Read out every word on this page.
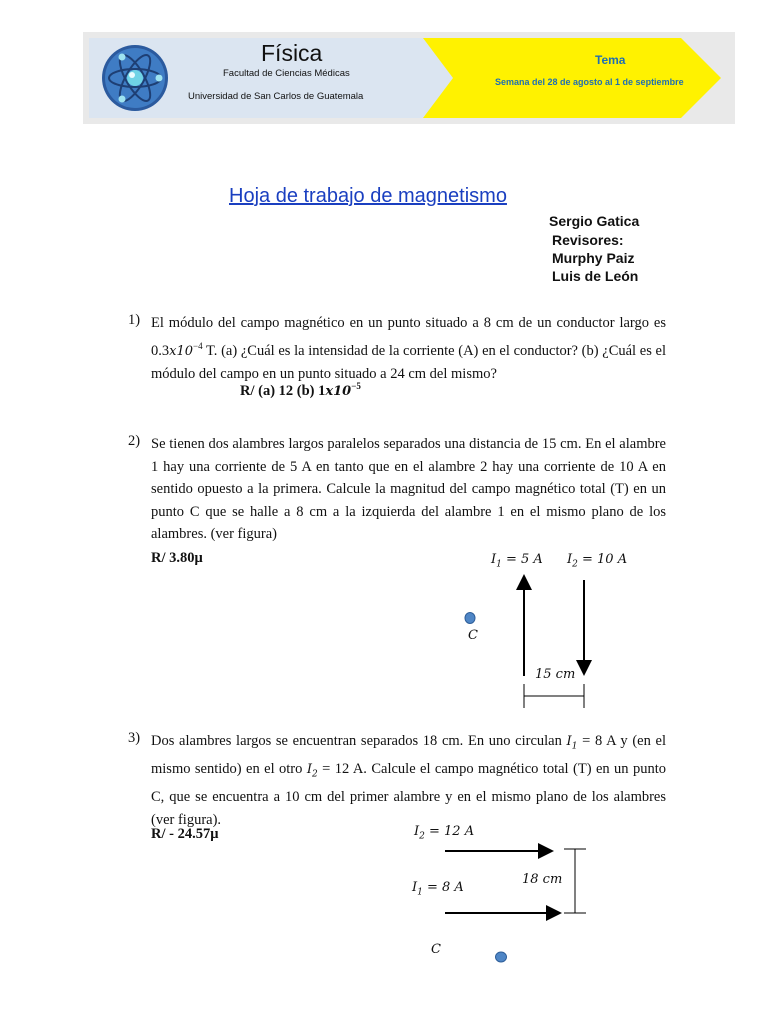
Física
Facultad de Ciencias Médicas
Universidad de San Carlos de Guatemala
Tema
Semana del 28 de agosto al 1 de septiembre
Hoja de trabajo de magnetismo
Sergio Gatica
Revisores:
Murphy Paiz
Luis de León
1) El módulo del campo magnético en un punto situado a 8 cm de un conductor largo es $0.3x10^{-4}$ T. (a) ¿Cuál es la intensidad de la corriente (A) en el conductor? (b) ¿Cuál es el módulo del campo en un punto situado a 24 cm del mismo?
R/ (a) 12 (b) $1x10^{-5}$
2) Se tienen dos alambres largos paralelos separados una distancia de 15 cm. En el alambre 1 hay una corriente de 5 A en tanto que en el alambre 2 hay una corriente de 10 A en sentido opuesto a la primera. Calcule la magnitud del campo magnético total (T) en un punto C que se halle a 8 cm a la izquierda del alambre 1 en el mismo plano de los alambres. (ver figura)
R/ 3.80μ	$I_1 = 5$ A $I_2 = 10$ A
C
15 cm
3) Dos alambres largos se encuentran separados 18 cm. En uno circulan $I_1 = 8$ A y (en el mismo sentido) en el otro $I_2 = 12$ A. Calcule el campo magnético total (T) en un punto C, que se encuentra a 10 cm del primer alambre y en el mismo plano de los alambres (ver figura).
R/ - 24.57μ	$I_2 = 12$ A
$I_1 = 8$ A
18 cm
C
